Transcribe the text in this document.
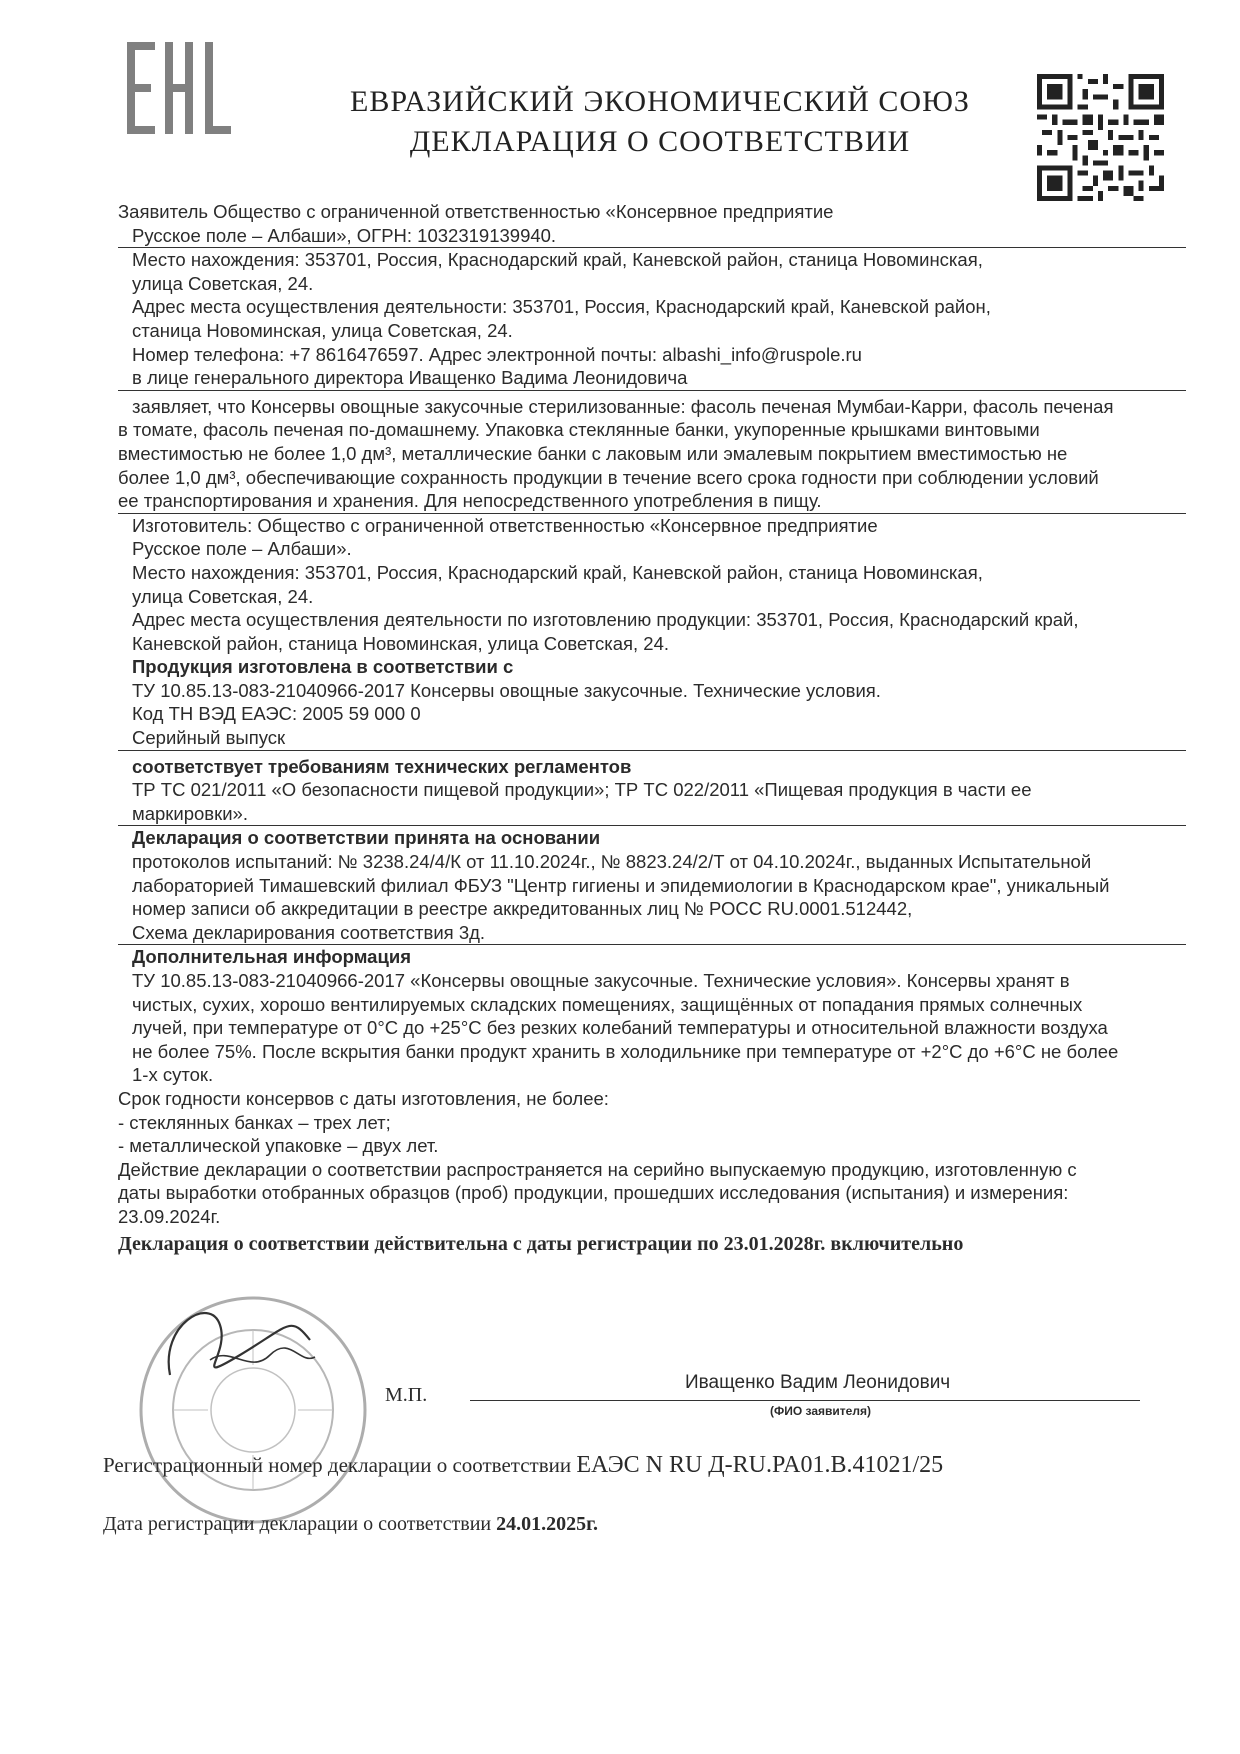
ЕВРАЗИЙСКИЙ ЭКОНОМИЧЕСКИЙ СОЮЗ
ДЕКЛАРАЦИЯ О СООТВЕТСТВИИ
Заявитель Общество с ограниченной ответственностью «Консервное предприятие
Русское поле – Албаши», ОГРН: 1032319139940.
Место нахождения: 353701, Россия, Краснодарский край, Каневской район, станица Новоминская,
улица Советская, 24.
Адрес места осуществления деятельности: 353701, Россия, Краснодарский край, Каневской район,
станица Новоминская, улица Советская, 24.
Номер телефона: +7 8616476597. Адрес электронной почты: albashi_info@ruspole.ru
в лице генерального директора Иващенко Вадима Леонидовича
заявляет, что Консервы овощные закусочные стерилизованные: фасоль печеная Мумбаи-Карри, фасоль печеная
в томате, фасоль печеная по-домашнему. Упаковка стеклянные банки, укупоренные крышками винтовыми
вместимостью не более 1,0 дм³, металлические банки с лаковым или эмалевым покрытием вместимостью не
более 1,0 дм³, обеспечивающие сохранность продукции в течение всего срока годности при соблюдении условий
ее транспортирования и хранения. Для непосредственного употребления в пищу.
Изготовитель: Общество с ограниченной ответственностью «Консервное предприятие
Русское поле – Албаши».
Место нахождения: 353701, Россия, Краснодарский край, Каневской район, станица Новоминская,
улица Советская, 24.
Адрес места осуществления деятельности по изготовлению продукции: 353701, Россия, Краснодарский край,
Каневской район, станица Новоминская, улица Советская, 24.
Продукция изготовлена в соответствии с
ТУ 10.85.13-083-21040966-2017 Консервы овощные закусочные. Технические условия.
Код ТН ВЭД ЕАЭС: 2005 59 000 0
Серийный выпуск
соответствует требованиям технических регламентов
ТР ТС 021/2011 «О безопасности пищевой продукции»; ТР ТС 022/2011 «Пищевая продукция в части ее
маркировки».
Декларация о соответствии принята на основании
протоколов испытаний: № 3238.24/4/К от 11.10.2024г., № 8823.24/2/Т от 04.10.2024г., выданных Испытательной
лабораторией Тимашевский филиал ФБУЗ "Центр гигиены и эпидемиологии в Краснодарском крае", уникальный
номер записи об аккредитации в реестре аккредитованных лиц № РОСС RU.0001.512442,
Схема декларирования соответствия 3д.
Дополнительная информация
ТУ 10.85.13-083-21040966-2017 «Консервы овощные закусочные. Технические условия». Консервы хранят в
чистых, сухих, хорошо вентилируемых складских помещениях, защищённых от попадания прямых солнечных
лучей, при температуре от 0°С до +25°С без резких колебаний температуры и относительной влажности воздуха
не более 75%. После вскрытия банки продукт хранить в холодильнике при температуре от +2°С до +6°С не более
1-х суток.
Срок годности консервов с даты изготовления, не более:
- стеклянных банках – трех лет;
- металлической упаковке – двух лет.
Действие декларации о соответствии распространяется на серийно выпускаемую продукцию, изготовленную с
даты выработки отобранных образцов (проб) продукции, прошедших исследования (испытания) и измерения:
23.09.2024г.
Декларация о соответствии действительна с даты регистрации по 23.01.2028г. включительно
М.П.
Иващенко Вадим Леонидович
(ФИО заявителя)
Регистрационный номер декларации о соответствии ЕАЭС N RU Д-RU.PA01.B.41021/25
Дата регистрации декларации о соответствии 24.01.2025г.
